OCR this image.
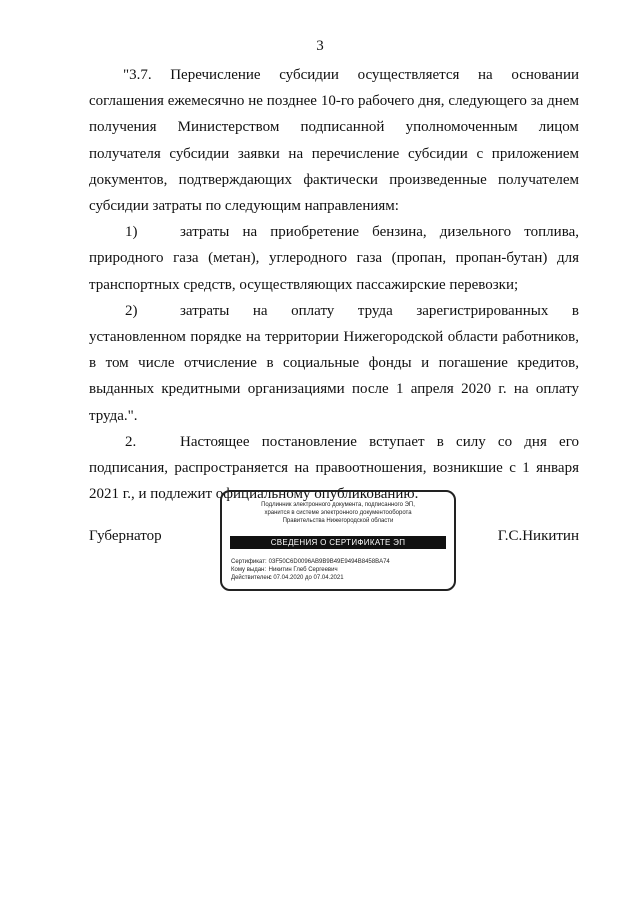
3

"3.7. Перечисление субсидии осуществляется на основании соглашения ежемесячно не позднее 10-го рабочего дня, следующего за днем получения Министерством подписанной уполномоченным лицом получателя субсидии заявки на перечисление субсидии с приложением документов, подтверждающих фактически произведенные получателем субсидии затраты по следующим направлениям:

1)	затраты на приобретение бензина, дизельного топлива, природного газа (метан), углеродного газа (пропан, пропан-бутан) для транспортных средств, осуществляющих пассажирские перевозки;

2)	затраты на оплату труда зарегистрированных в установленном порядке на территории Нижегородской области работников, в том числе отчисление в социальные фонды и погашение кредитов, выданных кредитными организациями после 1 апреля 2020 г. на оплату труда.".

2.	Настоящее постановление вступает в силу со дня его подписания, распространяется на правоотношения, возникшие с 1 января 2021 г., и подлежит официальному опубликованию.

Губернатор
Подлинник электронного документа, подписанного ЭП,
хранится в системе электронного документооборота
Правительства Нижегородской области
СВЕДЕНИЯ О СЕРТИФИКАТЕ ЭП
Сертификат: 03F50C6D0096AB9B9B49E9494B8458BA74
Кому выдан: Никитин Глеб Сергеевич
Действителен: с 07.04.2020 до 07.04.2021
Г.С.Никитин
